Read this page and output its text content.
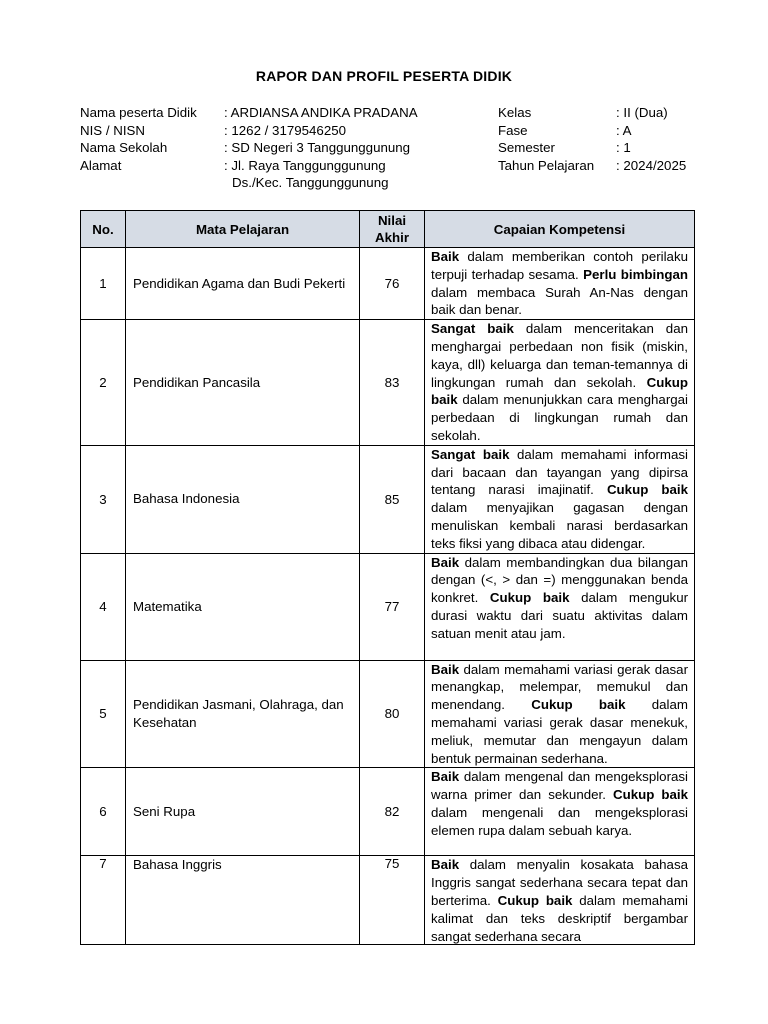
RAPOR DAN PROFIL PESERTA DIDIK
Nama peserta Didik	: ARDIANSA ANDIKA PRADANA
NIS / NISN	: 1262 / 3179546250
Nama Sekolah	: SD Negeri 3 Tanggunggunung
Alamat	: Jl. Raya Tanggunggunung
Ds./Kec. Tanggunggunung
Kelas	: II (Dua)
Fase	: A
Semester	: 1
Tahun Pelajaran	: 2024/2025
No.	Mata Pelajaran	Nilai Akhir	Capaian Kompetensi
1	Pendidikan Agama dan Budi Pekerti	76	Baik dalam memberikan contoh perilaku terpuji terhadap sesama. Perlu bimbingan dalam membaca Surah An-Nas dengan baik dan benar.
2	Pendidikan Pancasila	83	Sangat baik dalam menceritakan dan menghargai perbedaan non fisik (miskin, kaya, dll) keluarga dan teman-temannya di lingkungan rumah dan sekolah. Cukup baik dalam menunjukkan cara menghargai perbedaan di lingkungan rumah dan sekolah.
3	Bahasa Indonesia	85	Sangat baik dalam memahami informasi dari bacaan dan tayangan yang dipirsa tentang narasi imajinatif. Cukup baik dalam menyajikan gagasan dengan menuliskan kembali narasi berdasarkan teks fiksi yang dibaca atau didengar.
4	Matematika	77	Baik dalam membandingkan dua bilangan dengan (<, > dan =) menggunakan benda konkret. Cukup baik dalam mengukur durasi waktu dari suatu aktivitas dalam satuan menit atau jam.
5	Pendidikan Jasmani, Olahraga, dan Kesehatan	80	Baik dalam memahami variasi gerak dasar menangkap, melempar, memukul dan menendang. Cukup baik dalam memahami variasi gerak dasar menekuk, meliuk, memutar dan mengayun dalam bentuk permainan sederhana.
6	Seni Rupa	82	Baik dalam mengenal dan mengeksplorasi warna primer dan sekunder. Cukup baik dalam mengenali dan mengeksplorasi elemen rupa dalam sebuah karya.
7	Bahasa Inggris	75	Baik dalam menyalin kosakata bahasa Inggris sangat sederhana secara tepat dan berterima. Cukup baik dalam memahami kalimat dan teks deskriptif bergambar sangat sederhana secara
